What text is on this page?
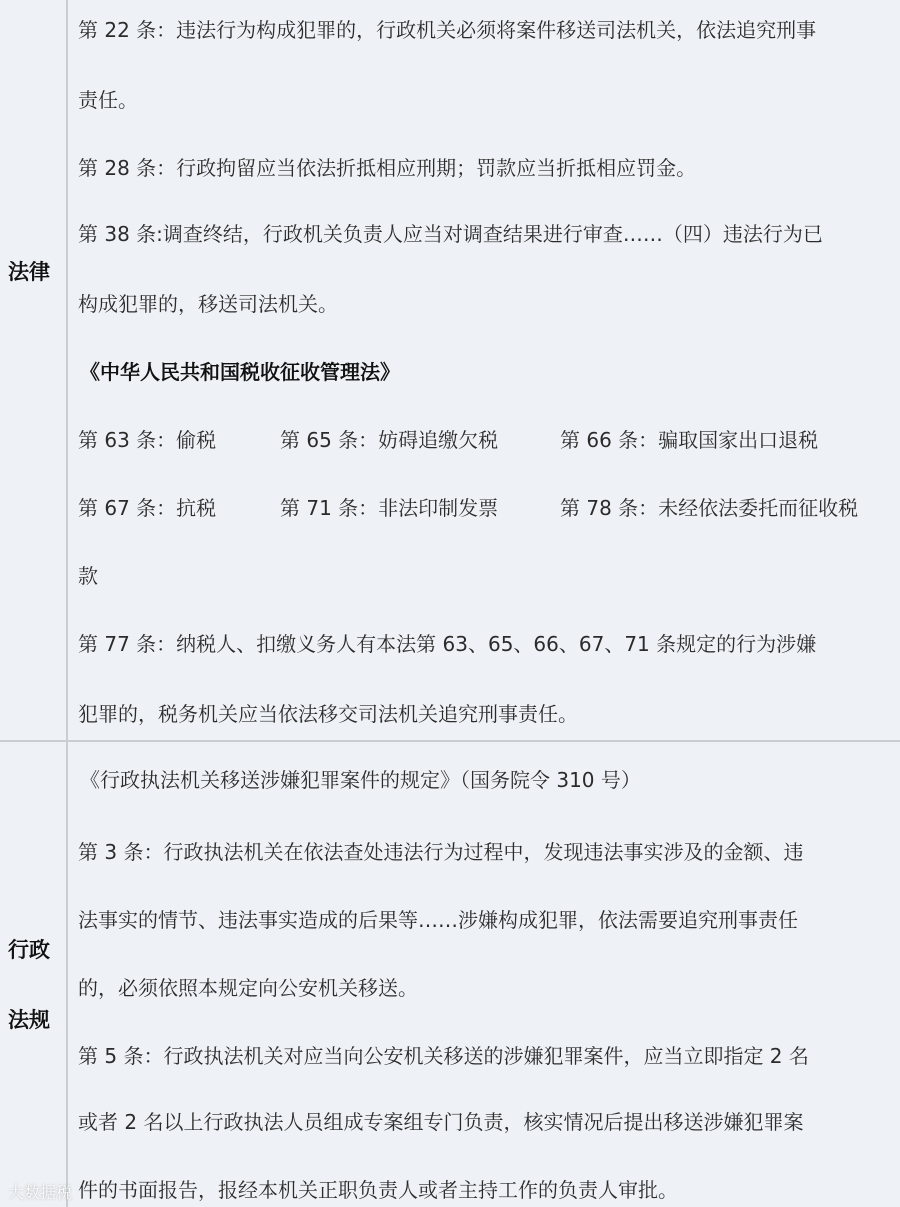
法律
第 22 条：违法行为构成犯罪的，行政机关必须将案件移送司法机关，依法追究刑事
责任。
第 28 条：行政拘留应当依法折抵相应刑期；罚款应当折抵相应罚金。
第 38 条:调查终结，行政机关负责人应当对调查结果进行审查……（四）违法行为已
构成犯罪的，移送司法机关。
《中华人民共和国税收征收管理法》
第 63 条：偷税	第 65 条：妨碍追缴欠税	第 66 条：骗取国家出口退税
第 67 条：抗税	第 71 条：非法印制发票	第 78 条：未经依法委托而征收税
款
第 77 条：纳税人、扣缴义务人有本法第 63、65、66、67、71 条规定的行为涉嫌
犯罪的，税务机关应当依法移交司法机关追究刑事责任。
行政
法规
《行政执法机关移送涉嫌犯罪案件的规定》（国务院令 310 号）
第 3 条：行政执法机关在依法查处违法行为过程中，发现违法事实涉及的金额、违
法事实的情节、违法事实造成的后果等……涉嫌构成犯罪，依法需要追究刑事责任
的，必须依照本规定向公安机关移送。
第 5 条：行政执法机关对应当向公安机关移送的涉嫌犯罪案件，应当立即指定 2 名
或者 2 名以上行政执法人员组成专案组专门负责，核实情况后提出移送涉嫌犯罪案
件的书面报告，报经本机关正职负责人或者主持工作的负责人审批。
大数据税
